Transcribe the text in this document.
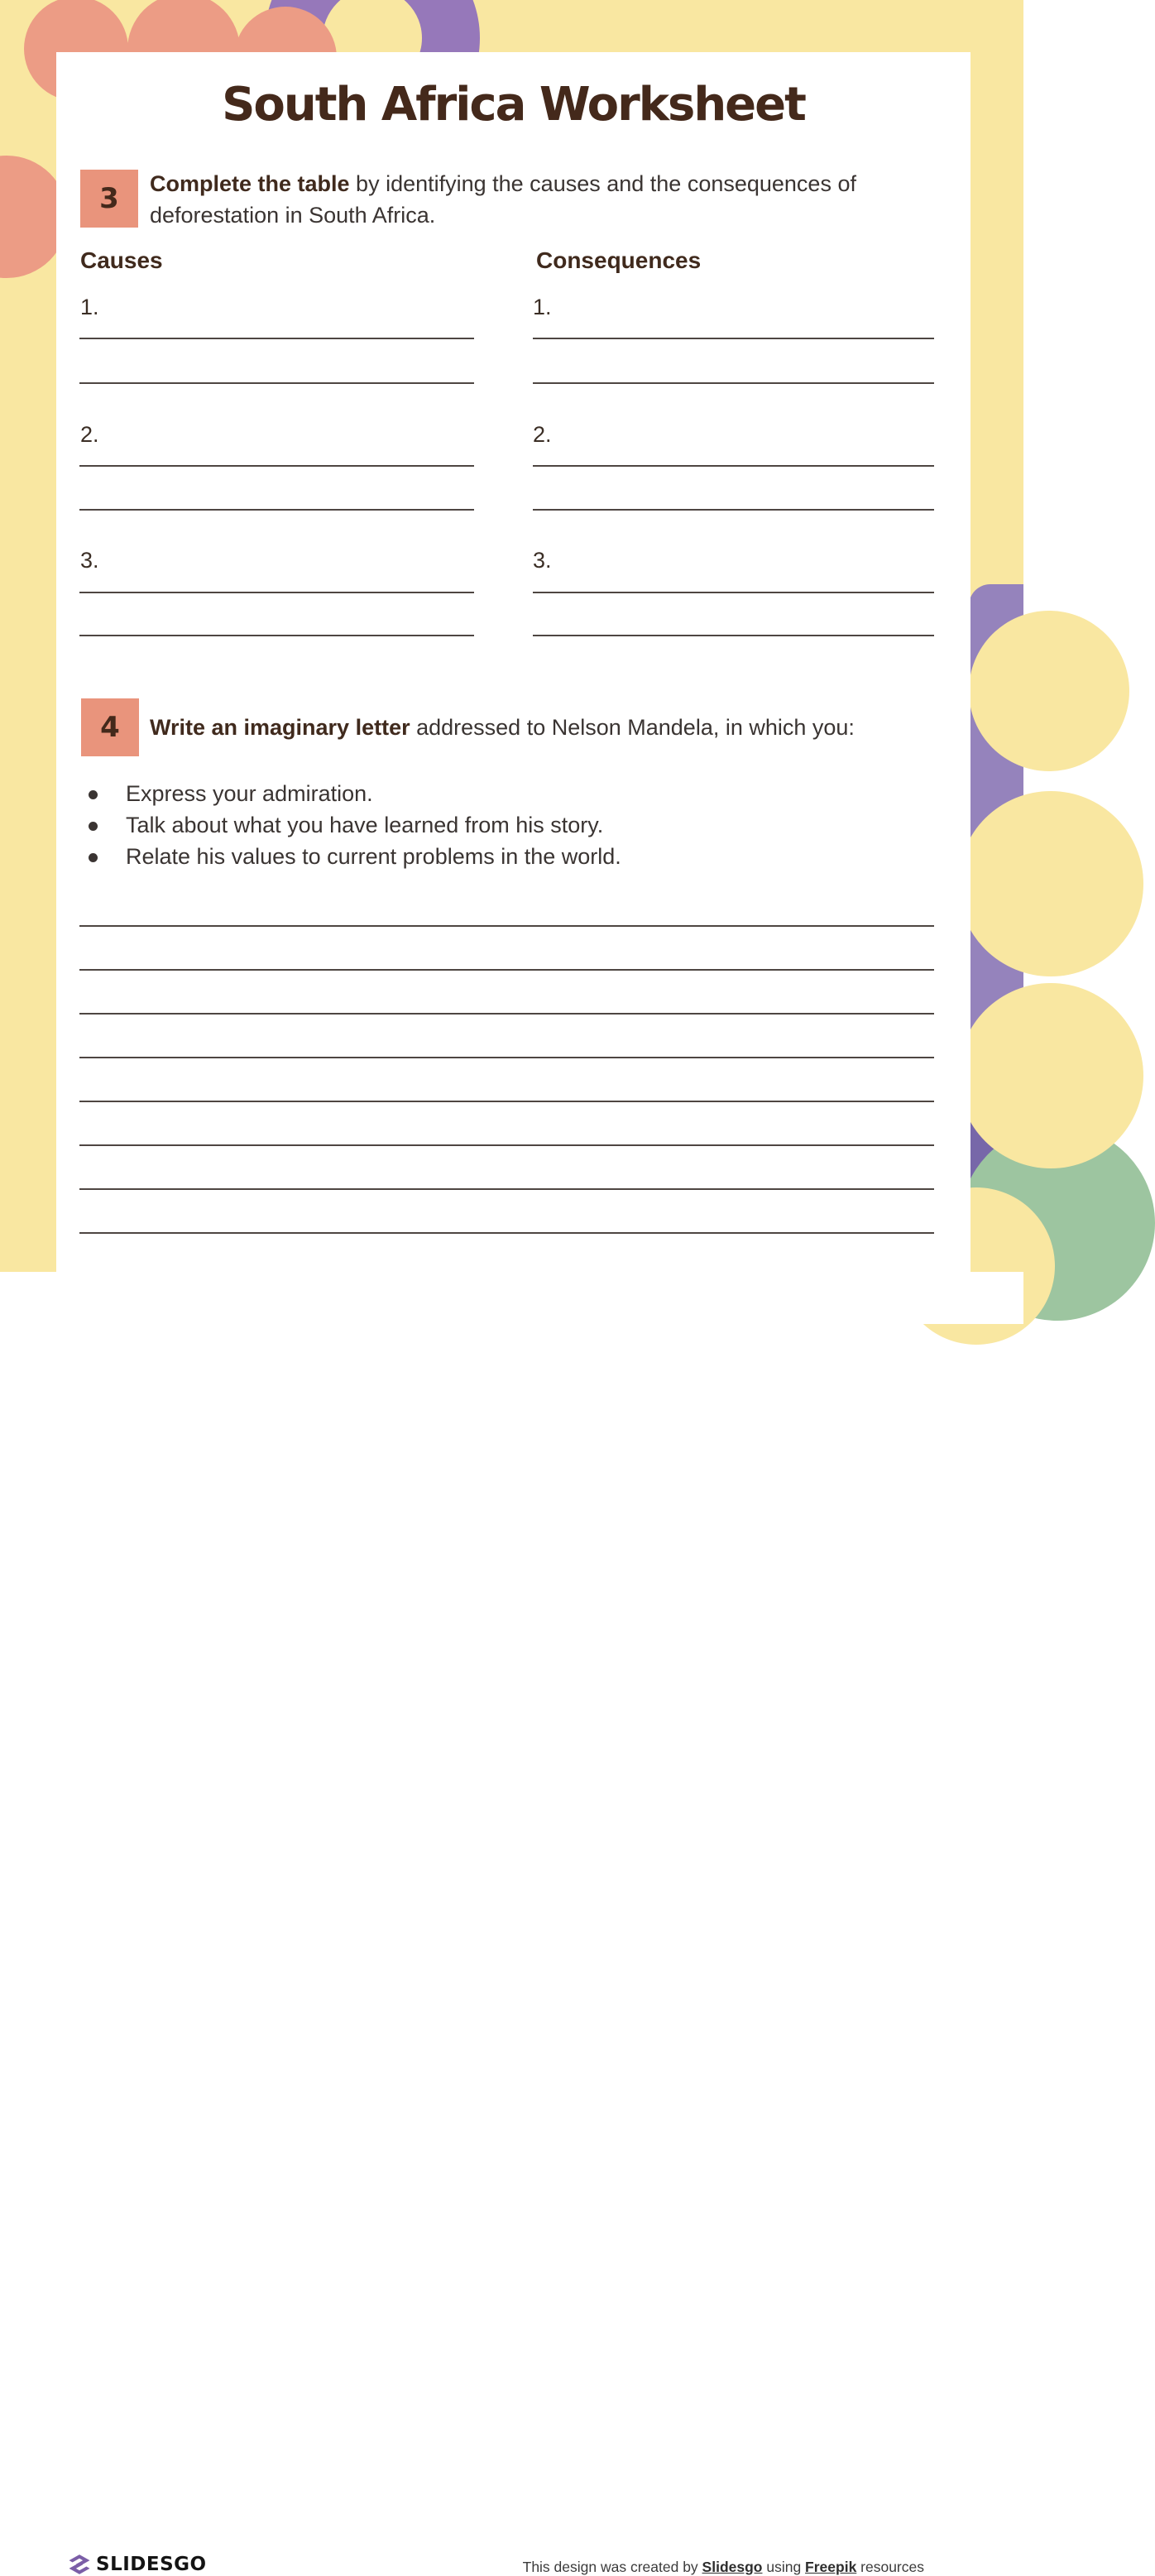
South Africa Worksheet
3 Complete the table by identifying the causes and the consequences of deforestation in South Africa.
Causes	Consequences
1.
2.
3.
1.
2.
3.
4 Write an imaginary letter addressed to Nelson Mandela, in which you:
Express your admiration.
Talk about what you have learned from his story.
Relate his values to current problems in the world.
SLIDESGO	This design was created by Slidesgo using Freepik resources
